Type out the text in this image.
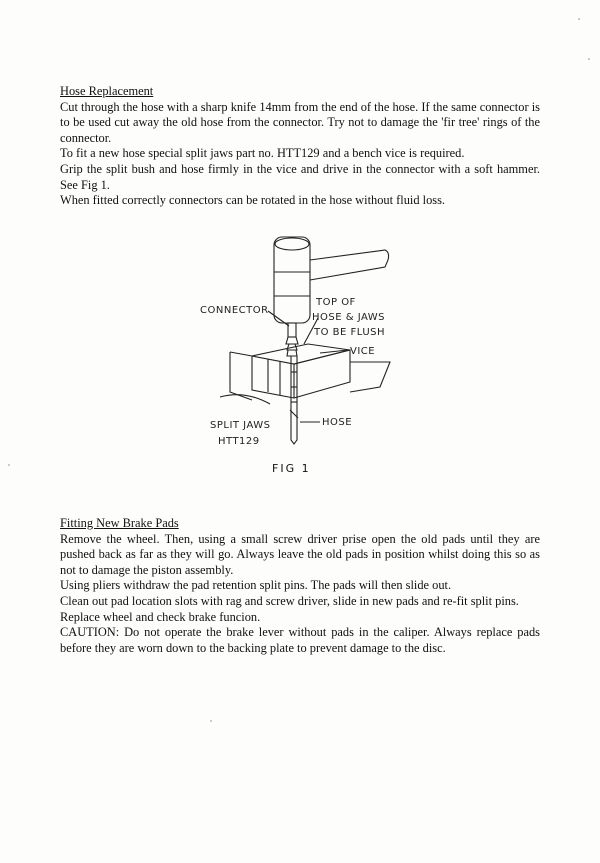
Hose Replacement

Cut through the hose with a sharp knife 14mm from the end of the hose. If the same connector is to be used cut away the old hose from the connector. Try not to damage the 'fir tree' rings of the connector.

To fit a new hose special split jaws part no. HTT129 and a bench vice is required.

Grip the split bush and hose firmly in the vice and drive in the connector with a soft hammer. See Fig 1.

When fitted correctly connectors can be rotated in the hose without fluid loss.

CONNECTOR
TOP OF
HOSE & JAWS
TO BE FLUSH
VICE
SPLIT JAWS
HTT129
HOSE
FIG 1

Fitting New Brake Pads

Remove the wheel. Then, using a small screw driver prise open the old pads until they are pushed back as far as they will go. Always leave the old pads in position whilst doing this so as not to damage the piston assembly.

Using pliers withdraw the pad retention split pins. The pads will then slide out.

Clean out pad location slots with rag and screw driver, slide in new pads and re-fit split pins.

Replace wheel and check brake funcion.

CAUTION: Do not operate the brake lever without pads in the caliper. Always replace pads before they are worn down to the backing plate to prevent damage to the disc.
